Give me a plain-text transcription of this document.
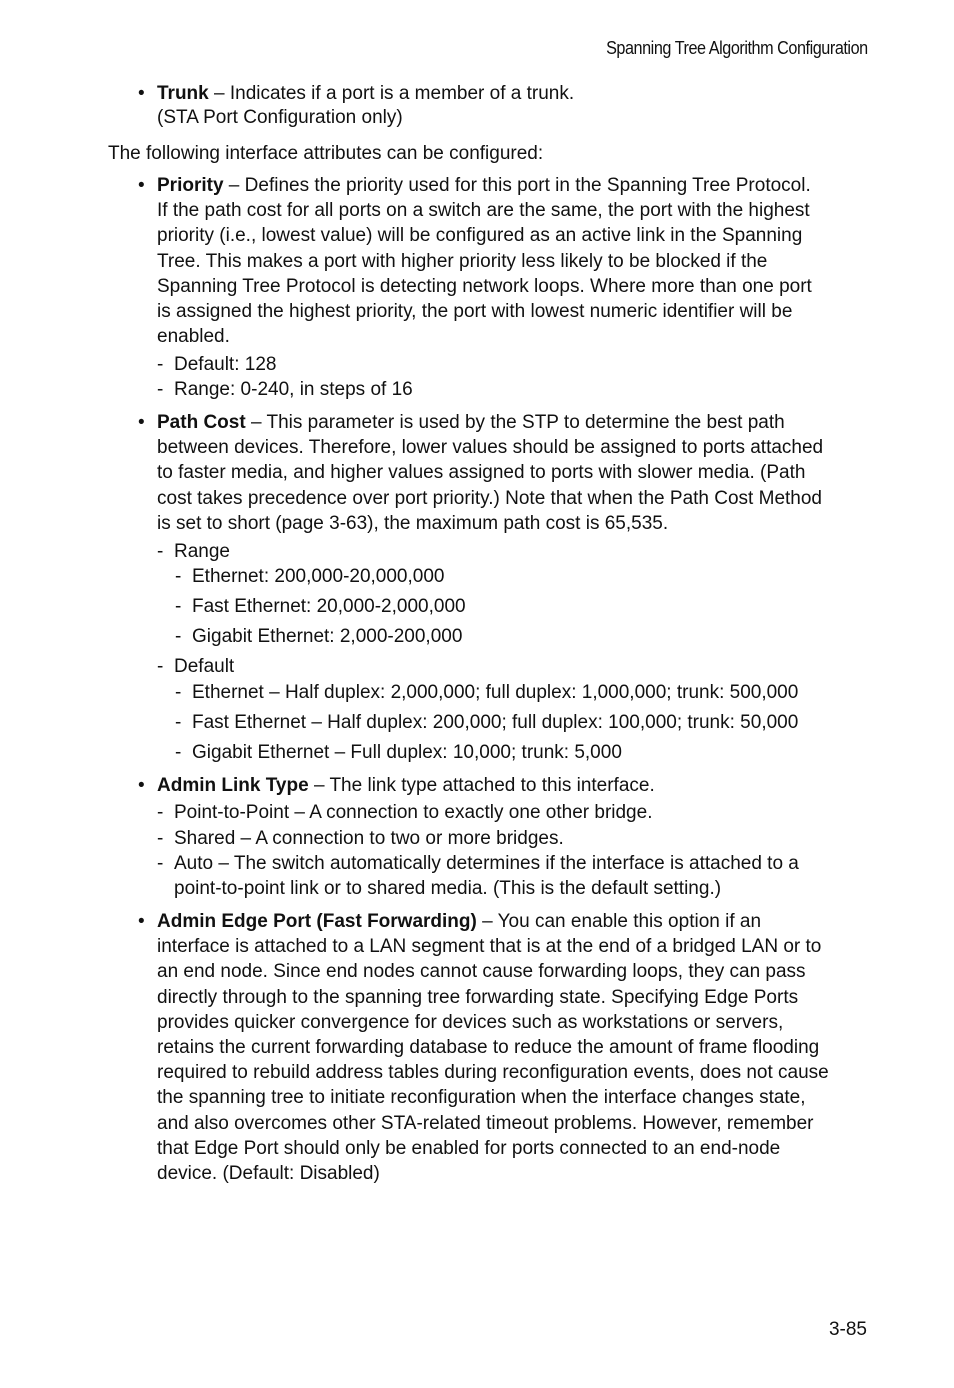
Spanning Tree Algorithm Configuration
• Trunk – Indicates if a port is a member of a trunk.
(STA Port Configuration only)
The following interface attributes can be configured:
• Priority – Defines the priority used for this port in the Spanning Tree Protocol.
If the path cost for all ports on a switch are the same, the port with the highest
priority (i.e., lowest value) will be configured as an active link in the Spanning
Tree. This makes a port with higher priority less likely to be blocked if the
Spanning Tree Protocol is detecting network loops. Where more than one port
is assigned the highest priority, the port with lowest numeric identifier will be
enabled.
- Default: 128
- Range: 0-240, in steps of 16
• Path Cost – This parameter is used by the STP to determine the best path
between devices. Therefore, lower values should be assigned to ports attached
to faster media, and higher values assigned to ports with slower media. (Path
cost takes precedence over port priority.) Note that when the Path Cost Method
is set to short (page 3-63), the maximum path cost is 65,535.
- Range
- Ethernet: 200,000-20,000,000
- Fast Ethernet: 20,000-2,000,000
- Gigabit Ethernet: 2,000-200,000
- Default
- Ethernet – Half duplex: 2,000,000; full duplex: 1,000,000; trunk: 500,000
- Fast Ethernet – Half duplex: 200,000; full duplex: 100,000; trunk: 50,000
- Gigabit Ethernet – Full duplex: 10,000; trunk: 5,000
• Admin Link Type – The link type attached to this interface.
- Point-to-Point – A connection to exactly one other bridge.
- Shared – A connection to two or more bridges.
- Auto – The switch automatically determines if the interface is attached to a
point-to-point link or to shared media. (This is the default setting.)
• Admin Edge Port (Fast Forwarding) – You can enable this option if an
interface is attached to a LAN segment that is at the end of a bridged LAN or to
an end node. Since end nodes cannot cause forwarding loops, they can pass
directly through to the spanning tree forwarding state. Specifying Edge Ports
provides quicker convergence for devices such as workstations or servers,
retains the current forwarding database to reduce the amount of frame flooding
required to rebuild address tables during reconfiguration events, does not cause
the spanning tree to initiate reconfiguration when the interface changes state,
and also overcomes other STA-related timeout problems. However, remember
that Edge Port should only be enabled for ports connected to an end-node
device. (Default: Disabled)
3-85
